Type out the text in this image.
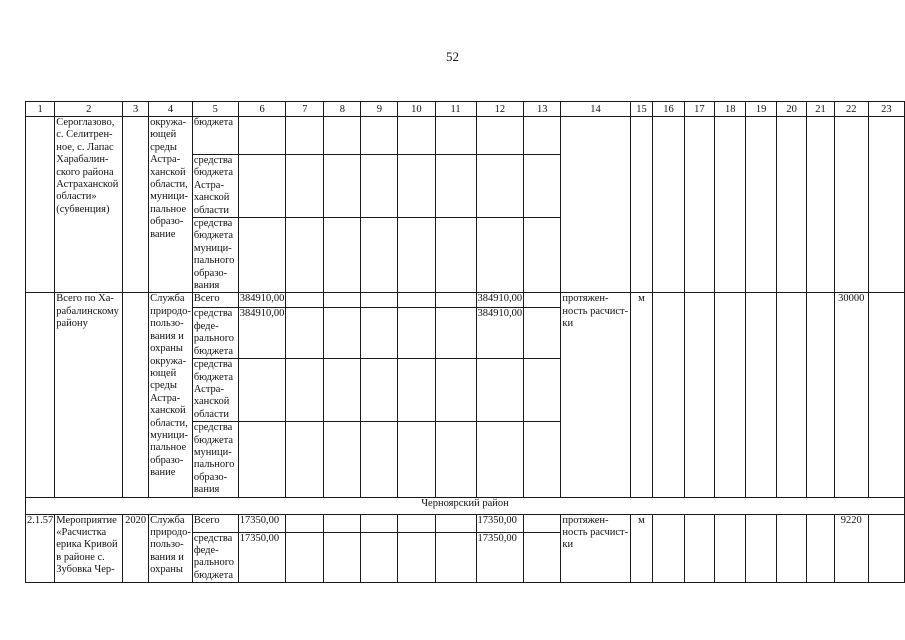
52
1	2	3	4	5	6	7	8	9	10	11	12	13	14	15	16	17	18	19	20	21	22	23
	Сероглазово, с. Селитрен-ное, с. Лапас Харабалин-ского района Астраханской области» (субвенция)		окружа-ющей среды Астра-ханской области, муници-пальное образо-вание	бюджета																		
				средства бюджета Астра-ханской области																		
				средства бюджета муници-пального образо-вания																		
	Всего по Ха-рабалинскому району		Служба природо-пользо-вания и охраны окружа-ющей среды Астра-ханской области, муници-пальное образо-вание	Всего	384910,00						384910,00		протяжен-ность расчист-ки	м							30000	
				средства феде-рального бюджета	384910,00						384910,00											
				средства бюджета Астра-ханской области																		
				средства бюджета муници-пального образо-вания																		
Черноярский район																						
2.1.57	Мероприятие «Расчистка ерика Кривой в районе с. Зубовка Чер-	2020	Служба природо-пользо-вания и охраны	Всего	17350,00						17350,00		протяжен-ность расчист-ки	м							9220	
				средства феде-рального бюджета	17350,00						17350,00											
